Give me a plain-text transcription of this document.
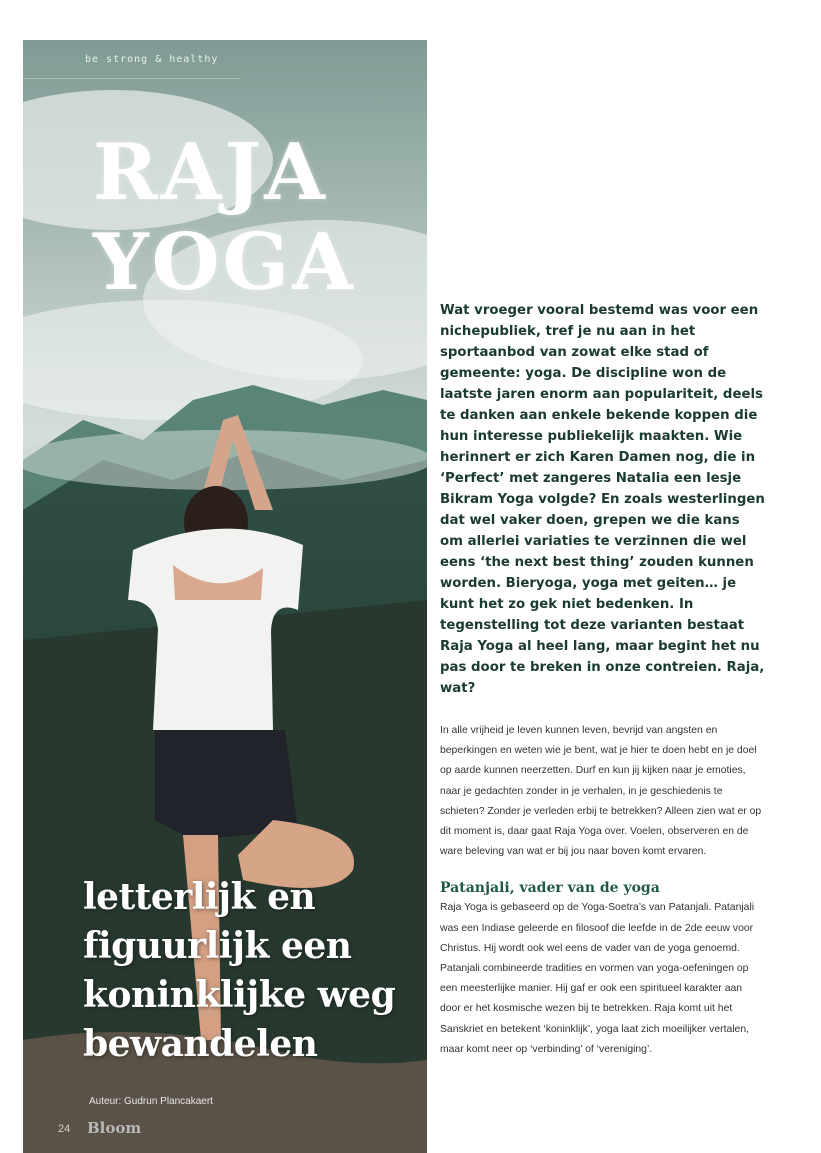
be strong & healthy
RAJA
YOGA
letterlijk en figuurlijk een koninklijke weg bewandelen
Auteur: Gudrun Plancakaert
24 Bloom

Wat vroeger vooral bestemd was voor een nichepubliek, tref je nu aan in het sportaanbod van zowat elke stad of gemeente: yoga. De discipline won de laatste jaren enorm aan populariteit, deels te danken aan enkele bekende koppen die hun interesse publiekelijk maakten. Wie herinnert er zich Karen Damen nog, die in ‘Perfect’ met zangeres Natalia een lesje Bikram Yoga volgde? En zoals westerlingen dat wel vaker doen, grepen we die kans om allerlei variaties te verzinnen die wel eens ‘the next best thing’ zouden kunnen worden. Bieryoga, yoga met geiten… je kunt het zo gek niet bedenken. In tegenstelling tot deze varianten bestaat Raja Yoga al heel lang, maar begint het nu pas door te breken in onze contreien. Raja, wat?

In alle vrijheid je leven kunnen leven, bevrijd van angsten en beperkingen en weten wie je bent, wat je hier te doen hebt en je doel op aarde kunnen neerzetten. Durf en kun jij kijken naar je emoties, naar je gedachten zonder in je verhalen, in je geschiedenis te schieten? Zonder je verleden erbij te betrekken? Alleen zien wat er op dit moment is, daar gaat Raja Yoga over. Voelen, observeren en de ware beleving van wat er bij jou naar boven komt ervaren.

Patanjali, vader van de yoga

Raja Yoga is gebaseerd op de Yoga-Soetra’s van Patanjali. Patanjali was een Indiase geleerde en filosoof die leefde in de 2de eeuw voor Christus. Hij wordt ook wel eens de vader van de yoga genoemd. Patanjali combineerde tradities en vormen van yoga-oefeningen op een meesterlijke manier. Hij gaf er ook een spiritueel karakter aan door er het kosmische wezen bij te betrekken. Raja komt uit het Sanskriet en betekent ‘koninklijk’, yoga laat zich moeilijker vertalen, maar komt neer op ‘verbinding’ of ‘vereniging’.
